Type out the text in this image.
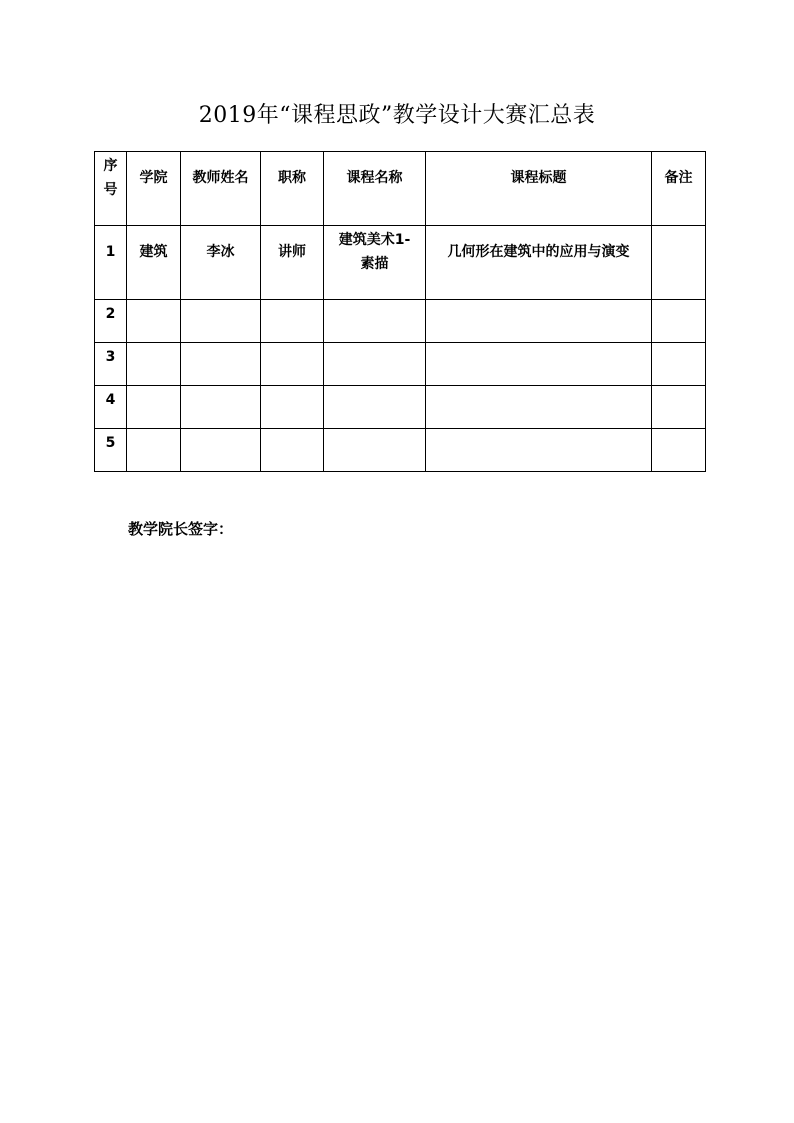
2019年“课程思政”教学设计大赛汇总表
序号	学院	教师姓名	职称	课程名称	课程标题	备注

1	建筑	李冰	讲师	建筑美术1-素描	几何形在建筑中的应用与演变	

2						

3						

4						

5						

教学院长签字：
